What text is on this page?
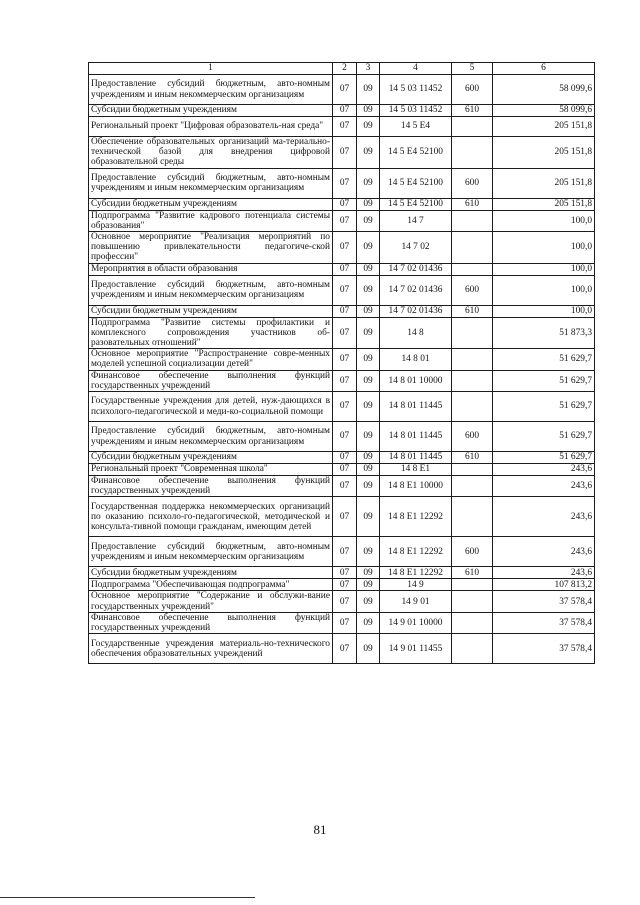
1	2	3	4	5	6
Предоставление субсидий бюджетным, авто-номным учреждениям и иным некоммерческим организациям	07	09	14 5 03 11452	600	58 099,6
Субсидии бюджетным учреждениям	07	09	14 5 03 11452	610	58 099,6
Региональный проект "Цифровая образователь-ная среда"	07	09	14 5 E4		205 151,8
Обеспечение образовательных организаций ма-териально-технической базой для внедрения цифровой образовательной среды	07	09	14 5 E4 52100		205 151,8
Предоставление субсидий бюджетным, авто-номным учреждениям и иным некоммерческим организациям	07	09	14 5 E4 52100	600	205 151,8
Субсидии бюджетным учреждениям	07	09	14 5 E4 52100	610	205 151,8
Подпрограмма "Развитие кадрового потенциала системы образования"	07	09	14 7		100,0
Основное мероприятие "Реализация мероприятий по повышению привлекательности педагогиче-ской профессии"	07	09	14 7 02		100,0
Мероприятия в области образования	07	09	14 7 02 01436		100,0
Предоставление субсидий бюджетным, авто-номным учреждениям и иным некоммерческим организациям	07	09	14 7 02 01436	600	100,0
Субсидии бюджетным учреждениям	07	09	14 7 02 01436	610	100,0
Подпрограмма "Развитие системы профилактики и комплексного сопровождения участников об-разовательных отношений"	07	09	14 8		51 873,3
Основное мероприятие "Распространение совре-менных моделей успешной социализации детей"	07	09	14 8 01		51 629,7
Финансовое обеспечение выполнения функций государственных учреждений	07	09	14 8 01 10000		51 629,7
Государственные учреждения для детей, нуж-дающихся в психолого-педагогической и меди-ко-социальной помощи	07	09	14 8 01 11445		51 629,7
Предоставление субсидий бюджетным, авто-номным учреждениям и иным некоммерческим организациям	07	09	14 8 01 11445	600	51 629,7
Субсидии бюджетным учреждениям	07	09	14 8 01 11445	610	51 629,7
Региональный проект "Современная школа"	07	09	14 8 E1		243,6
Финансовое обеспечение выполнения функций государственных учреждений	07	09	14 8 E1 10000		243,6
Государственная поддержка некоммерческих организаций по оказанию психоло-го-педагогической, методической и консульта-тивной помощи гражданам, имеющим детей	07	09	14 8 E1 12292		243,6
Предоставление субсидий бюджетным, авто-номным учреждениям и иным некоммерческим организациям	07	09	14 8 E1 12292	600	243,6
Субсидии бюджетным учреждениям	07	09	14 8 E1 12292	610	243,6
Подпрограмма "Обеспечивающая подпрограмма"	07	09	14 9		107 813,2
Основное мероприятие "Содержание и обслужи-вание государственных учреждений"	07	09	14 9 01		37 578,4
Финансовое обеспечение выполнения функций государственных учреждений	07	09	14 9 01 10000		37 578,4
Государственные учреждения материаль-но-технического обеспечения образовательных учреждений	07	09	14 9 01 11455		37 578,4
81
